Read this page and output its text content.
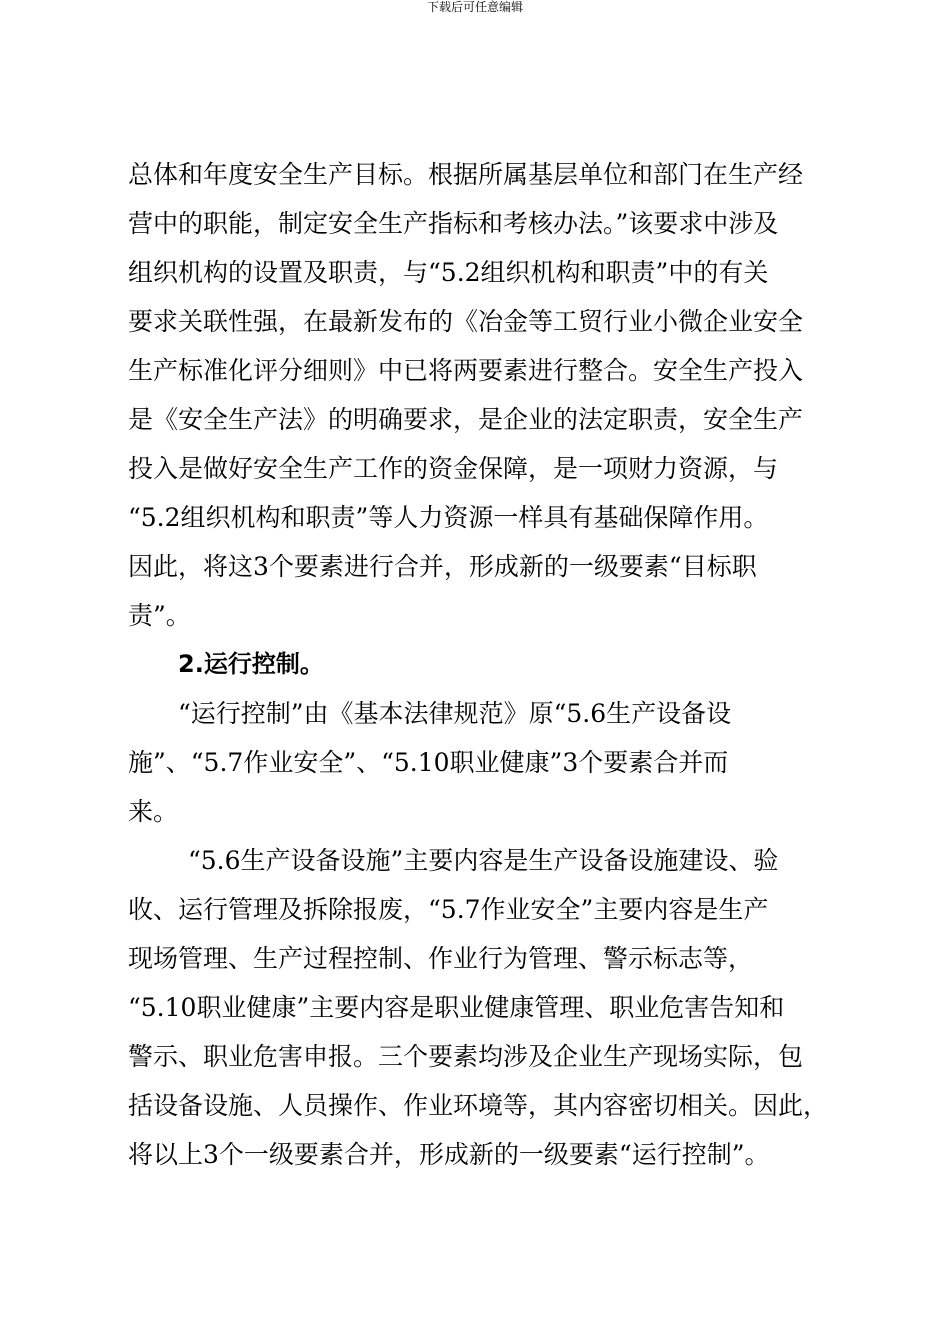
下载后可任意编辑
总体和年度安全生产目标。根据所属基层单位和部门在生产经
营中的职能，制定安全生产指标和考核办法。”该要求中涉及
组织机构的设置及职责，与“5.2组织机构和职责”中的有关
要求关联性强，在最新发布的《冶金等工贸行业小微企业安全
生产标准化评分细则》中已将两要素进行整合。安全生产投入
是《安全生产法》的明确要求，是企业的法定职责，安全生产
投入是做好安全生产工作的资金保障，是一项财力资源，与
“5.2组织机构和职责”等人力资源一样具有基础保障作用。
因此，将这3个要素进行合并，形成新的一级要素“目标职
责”。
2.运行控制。
“运行控制”由《基本法律规范》原“5.6生产设备设
施”、“5.7作业安全”、“5.10职业健康”3个要素合并而
来。
“5.6生产设备设施”主要内容是生产设备设施建设、验
收、运行管理及拆除报废，“5.7作业安全”主要内容是生产
现场管理、生产过程控制、作业行为管理、警示标志等，
“5.10职业健康”主要内容是职业健康管理、职业危害告知和
警示、职业危害申报。三个要素均涉及企业生产现场实际，包
括设备设施、人员操作、作业环境等，其内容密切相关。因此，
将以上3个一级要素合并，形成新的一级要素“运行控制”。
